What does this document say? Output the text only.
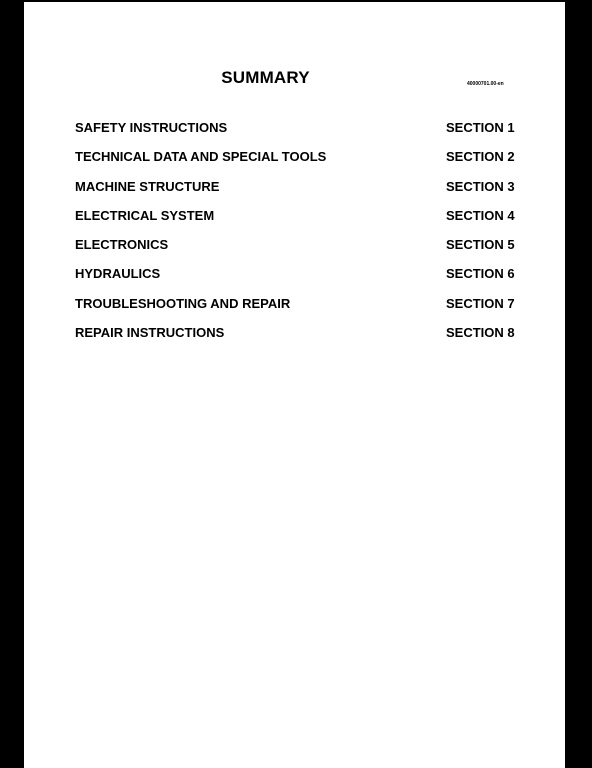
SUMMARY	40000701.00-en
SAFETY INSTRUCTIONS	SECTION 1
TECHNICAL DATA AND SPECIAL TOOLS	SECTION 2
MACHINE STRUCTURE	SECTION 3
ELECTRICAL SYSTEM	SECTION 4
ELECTRONICS	SECTION 5
HYDRAULICS	SECTION 6
TROUBLESHOOTING AND REPAIR	SECTION 7
REPAIR INSTRUCTIONS	SECTION 8
